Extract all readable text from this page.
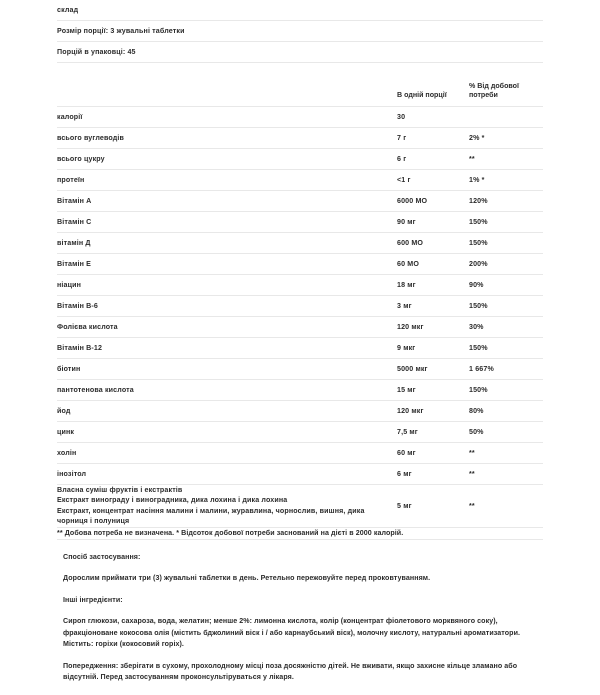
склад		

Розмір порції: 3 жувальні таблетки		

Порцій в упаковці: 45		

	В одній порції	% Від добової потреби

калорії	30	

всього вуглеводів	7 г	2% *

всього цукру	6 г	**

протеїн	<1 г	1% *

Вітамін А	6000 МО	120%

Вітамін С	90 мг	150%

вітамін Д	600 МО	150%

Вітамін Е	60 МО	200%

ніацин	18 мг	90%

Вітамін В-6	3 мг	150%

Фолієва кислота	120 мкг	30%

Вітамін В-12	9 мкг	150%

біотин	5000 мкг	1 667%

пантотенова кислота	15 мг	150%

йод	120 мкг	80%

цинк	7,5 мг	50%

холін	60 мг	**

інозітол	6 мг	**

Власна суміш фруктів і екстрактів
Екстракт винограду і виноградника, дика лохина і дика лохина
Екстракт, концентрат насіння малини і малини, журавлина, чорнослив, вишня, дика
чорниця і полуниця	5 мг	**

** Добова потреба не визначена. * Відсоток добової потреби заснований на дієті в 2000 калорій.		

Спосіб застосування:

Дорослим приймати три (3) жувальні таблетки в день. Ретельно пережовуйте перед проковтуванням.

Інші інгредієнти:

Сироп глюкози, сахароза, вода, желатин; менше 2%: лимонна кислота, колір (концентрат фіолетового морквяного соку), фракціоноване кокосова олія (містить бджолиний віск і / або карнаубський віск), молочну кислоту, натуральні ароматизатори. Містить: горіхи (кокосовий горіх).

Попередження: зберігати в сухому, прохолодному місці поза досяжністю дітей. Не вживати, якщо захисне кільце зламано або відсутній. Перед застосуванням проконсультіруваться у лікаря.
